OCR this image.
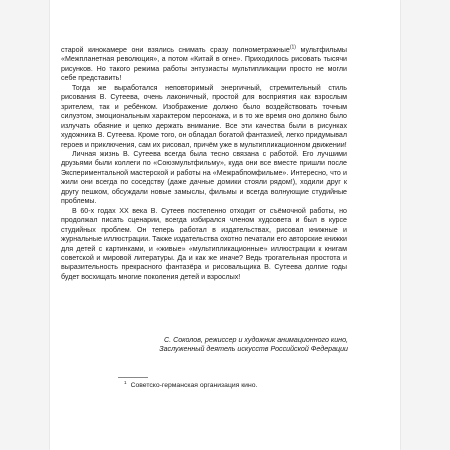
старой кинокамере они взялись снимать сразу полнометражные$^{(1)}$ мультфильмы «Межпланетная революция», а потом «Китай в огне». Приходилось рисовать тысячи рисунков. Но такого режима работы энтузиасты мультипликации просто не могли себе представить!

Тогда же выработался неповторимый энергичный, стремительный стиль рисования В. Сутеева, очень лаконичный, простой для восприятия как взрослым зрителем, так и ребёнком. Изображение должно было воздействовать точным силуэтом, эмоциональным характером персонажа, и в то же время оно должно было излучать обаяние и цепко держать внимание. Все эти качества были в рисунках художника В. Сутеева. Кроме того, он обладал богатой фантазией, легко придумывал героев и приключения, сам их рисовал, причём уже в мультипликационном движении!

Личная жизнь В. Сутеева всегда была тесно связана с работой. Его лучшими друзьями были коллеги по «Союзмультфильму», куда они все вместе пришли после Экспериментальной мастерской и работы на «Межрабпомфильме». Интересно, что и жили они всегда по соседству (даже дачные домики стояли рядом!), ходили друг к другу пешком, обсуждали новые замыслы, фильмы и всегда волнующие студийные проблемы.

В 60-х годах XX века В. Сутеев постепенно отходит от съёмочной работы, но продолжал писать сценарии, всегда избирался членом худсовета и был в курсе студийных проблем. Он теперь работал в издательствах, рисовал книжные и журнальные иллюстрации. Также издательства охотно печатали его авторские книжки для детей с картинками, и «живые» «мультипликационные» иллюстрации к книгам советской и мировой литературы. Да и как же иначе? Ведь трогательная простота и выразительность прекрасного фантазёра и рисовальщика В. Сутеева долгие годы будет восхищать многие поколения детей и взрослых!

С. Соколов, режиссер и художник анимационного кино,
Заслуженный деятель искусств Российской Федерации
$^1$ Советско-германская организация кино.
